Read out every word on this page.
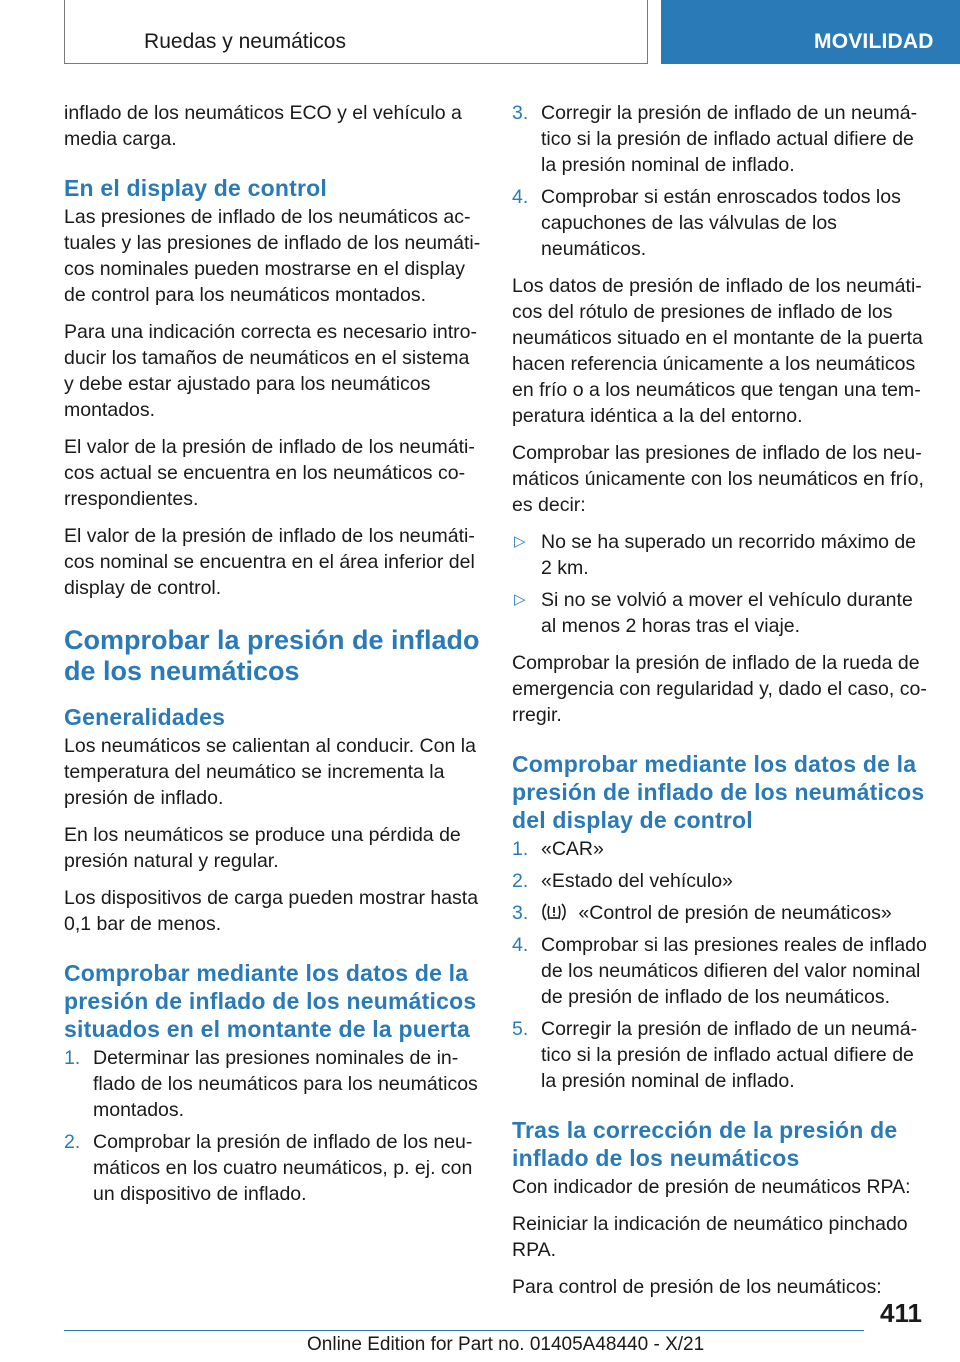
Ruedas y neumáticos	MOVILIDAD

inflado de los neumáticos ECO y el vehículo a media carga.

En el display de control

Las presiones de inflado de los neumáticos actuales y las presiones de inflado de los neumáticos nominales pueden mostrarse en el display de control para los neumáticos montados.

Para una indicación correcta es necesario introducir los tamaños de neumáticos en el sistema y debe estar ajustado para los neumáticos montados.

El valor de la presión de inflado de los neumáticos actual se encuentra en los neumáticos correspondientes.

El valor de la presión de inflado de los neumáticos nominal se encuentra en el área inferior del display de control.

Comprobar la presión de inflado de los neumáticos
Generalidades

Los neumáticos se calientan al conducir. Con la temperatura del neumático se incrementa la presión de inflado.

En los neumáticos se produce una pérdida de presión natural y regular.

Los dispositivos de carga pueden mostrar hasta 0,1 bar de menos.

Comprobar mediante los datos de la presión de inflado de los neumáticos situados en el montante de la puerta
1. Determinar las presiones nominales de inflado de los neumáticos para los neumáticos montados.
2. Comprobar la presión de inflado de los neumáticos en los cuatro neumáticos, p. ej. con un dispositivo de inflado.
3. Corregir la presión de inflado de un neumático si la presión de inflado actual difiere de la presión nominal de inflado.
4. Comprobar si están enroscados todos los capuchones de las válvulas de los neumáticos.

Los datos de presión de inflado de los neumáticos del rótulo de presiones de inflado de los neumáticos situado en el montante de la puerta hacen referencia únicamente a los neumáticos en frío o a los neumáticos que tengan una temperatura idéntica a la del entorno.

Comprobar las presiones de inflado de los neumáticos únicamente con los neumáticos en frío, es decir:

▷ No se ha superado un recorrido máximo de 2 km.
▷ Si no se volvió a mover el vehículo durante al menos 2 horas tras el viaje.

Comprobar la presión de inflado de la rueda de emergencia con regularidad y, dado el caso, corregir.

Comprobar mediante los datos de la presión de inflado de los neumáticos del display de control
1. «CAR»
2. «Estado del vehículo»
3.	«Control de presión de neumáticos»
4. Comprobar si las presiones reales de inflado de los neumáticos difieren del valor nominal de presión de inflado de los neumáticos.
5. Corregir la presión de inflado de un neumático si la presión de inflado actual difiere de la presión nominal de inflado.
Tras la corrección de la presión de inflado de los neumáticos

Con indicador de presión de neumáticos RPA:

Reiniciar la indicación de neumático pinchado RPA.

Para control de presión de los neumáticos:

411
Online Edition for Part no. 01405A48440 - X/21
